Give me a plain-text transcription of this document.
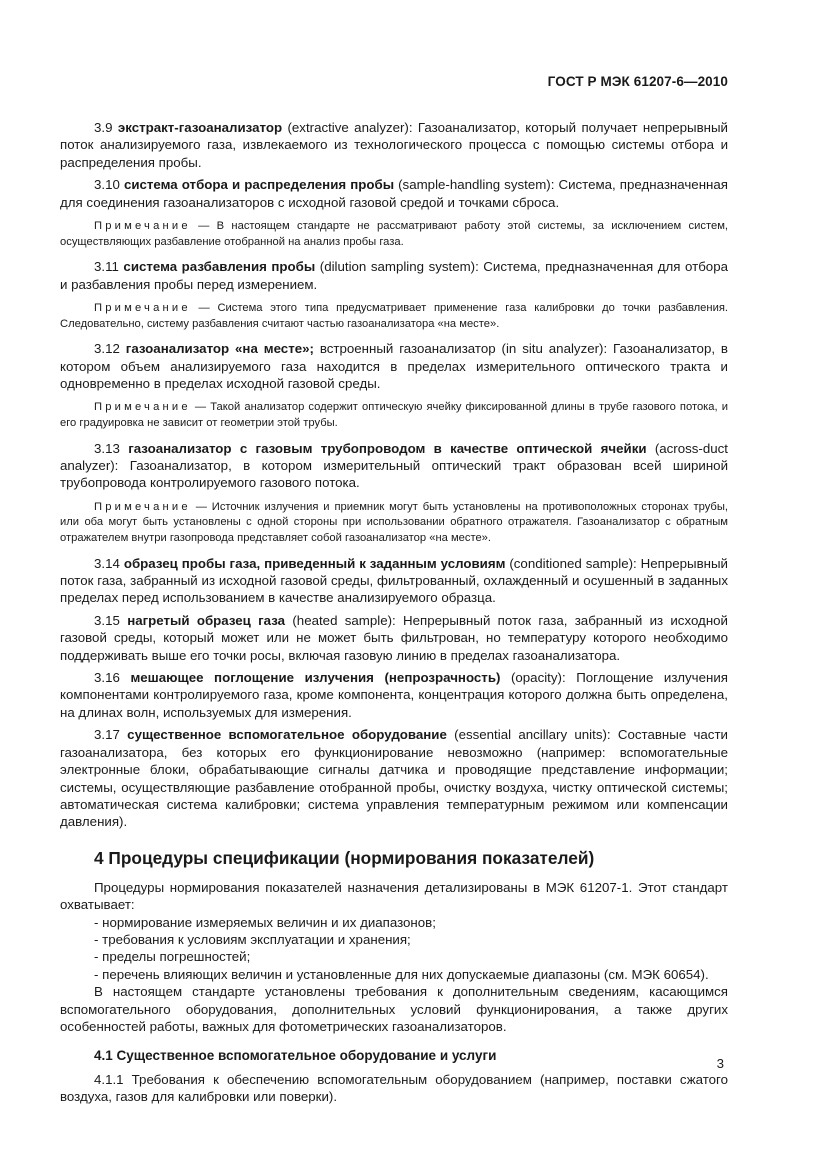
ГОСТ Р МЭК 61207-6—2010

3.9 экстракт-газоанализатор (extractive analyzer): Газоанализатор, который получает непрерывный поток анализируемого газа, извлекаемого из технологического процесса с помощью системы отбора и распределения пробы.

3.10 система отбора и распределения пробы (sample-handling system): Система, предназначенная для соединения газоанализаторов с исходной газовой средой и точками сброса.

Примечание — В настоящем стандарте не рассматривают работу этой системы, за исключением систем, осуществляющих разбавление отобранной на анализ пробы газа.

3.11 система разбавления пробы (dilution sampling system): Система, предназначенная для отбора и разбавления пробы перед измерением.

Примечание — Система этого типа предусматривает применение газа калибровки до точки разбавления. Следовательно, систему разбавления считают частью газоанализатора «на месте».

3.12 газоанализатор «на месте»; встроенный газоанализатор (in situ analyzer): Газоанализатор, в котором объем анализируемого газа находится в пределах измерительного оптического тракта и одновременно в пределах исходной газовой среды.

Примечание — Такой анализатор содержит оптическую ячейку фиксированной длины в трубе газового потока, и его градуировка не зависит от геометрии этой трубы.

3.13 газоанализатор с газовым трубопроводом в качестве оптической ячейки (across-duct analyzer): Газоанализатор, в котором измерительный оптический тракт образован всей шириной трубопровода контролируемого газового потока.

Примечание — Источник излучения и приемник могут быть установлены на противоположных сторонах трубы, или оба могут быть установлены с одной стороны при использовании обратного отражателя. Газоанализатор с обратным отражателем внутри газопровода представляет собой газоанализатор «на месте».

3.14 образец пробы газа, приведенный к заданным условиям (conditioned sample): Непрерывный поток газа, забранный из исходной газовой среды, фильтрованный, охлажденный и осушенный в заданных пределах перед использованием в качестве анализируемого образца.

3.15 нагретый образец газа (heated sample): Непрерывный поток газа, забранный из исходной газовой среды, который может или не может быть фильтрован, но температуру которого необходимо поддерживать выше его точки росы, включая газовую линию в пределах газоанализатора.

3.16 мешающее поглощение излучения (непрозрачность) (opacity): Поглощение излучения компонентами контролируемого газа, кроме компонента, концентрация которого должна быть определена, на длинах волн, используемых для измерения.

3.17 существенное вспомогательное оборудование (essential ancillary units): Составные части газоанализатора, без которых его функционирование невозможно (например: вспомогательные электронные блоки, обрабатывающие сигналы датчика и проводящие представление информации; системы, осуществляющие разбавление отобранной пробы, очистку воздуха, чистку оптической системы; автоматическая система калибровки; система управления температурным режимом или компенсации давления).

4 Процедуры спецификации (нормирования показателей)

Процедуры нормирования показателей назначения детализированы в МЭК 61207-1. Этот стандарт охватывает:

- нормирование измеряемых величин и их диапазонов;
- требования к условиям эксплуатации и хранения;
- пределы погрешностей;
- перечень влияющих величин и установленные для них допускаемые диапазоны (см. МЭК 60654).

В настоящем стандарте установлены требования к дополнительным сведениям, касающимся вспомогательного оборудования, дополнительных условий функционирования, а также других особенностей работы, важных для фотометрических газоанализаторов.

4.1 Существенное вспомогательное оборудование и услуги

4.1.1 Требования к обеспечению вспомогательным оборудованием (например, поставки сжатого воздуха, газов для калибровки или поверки).

3
